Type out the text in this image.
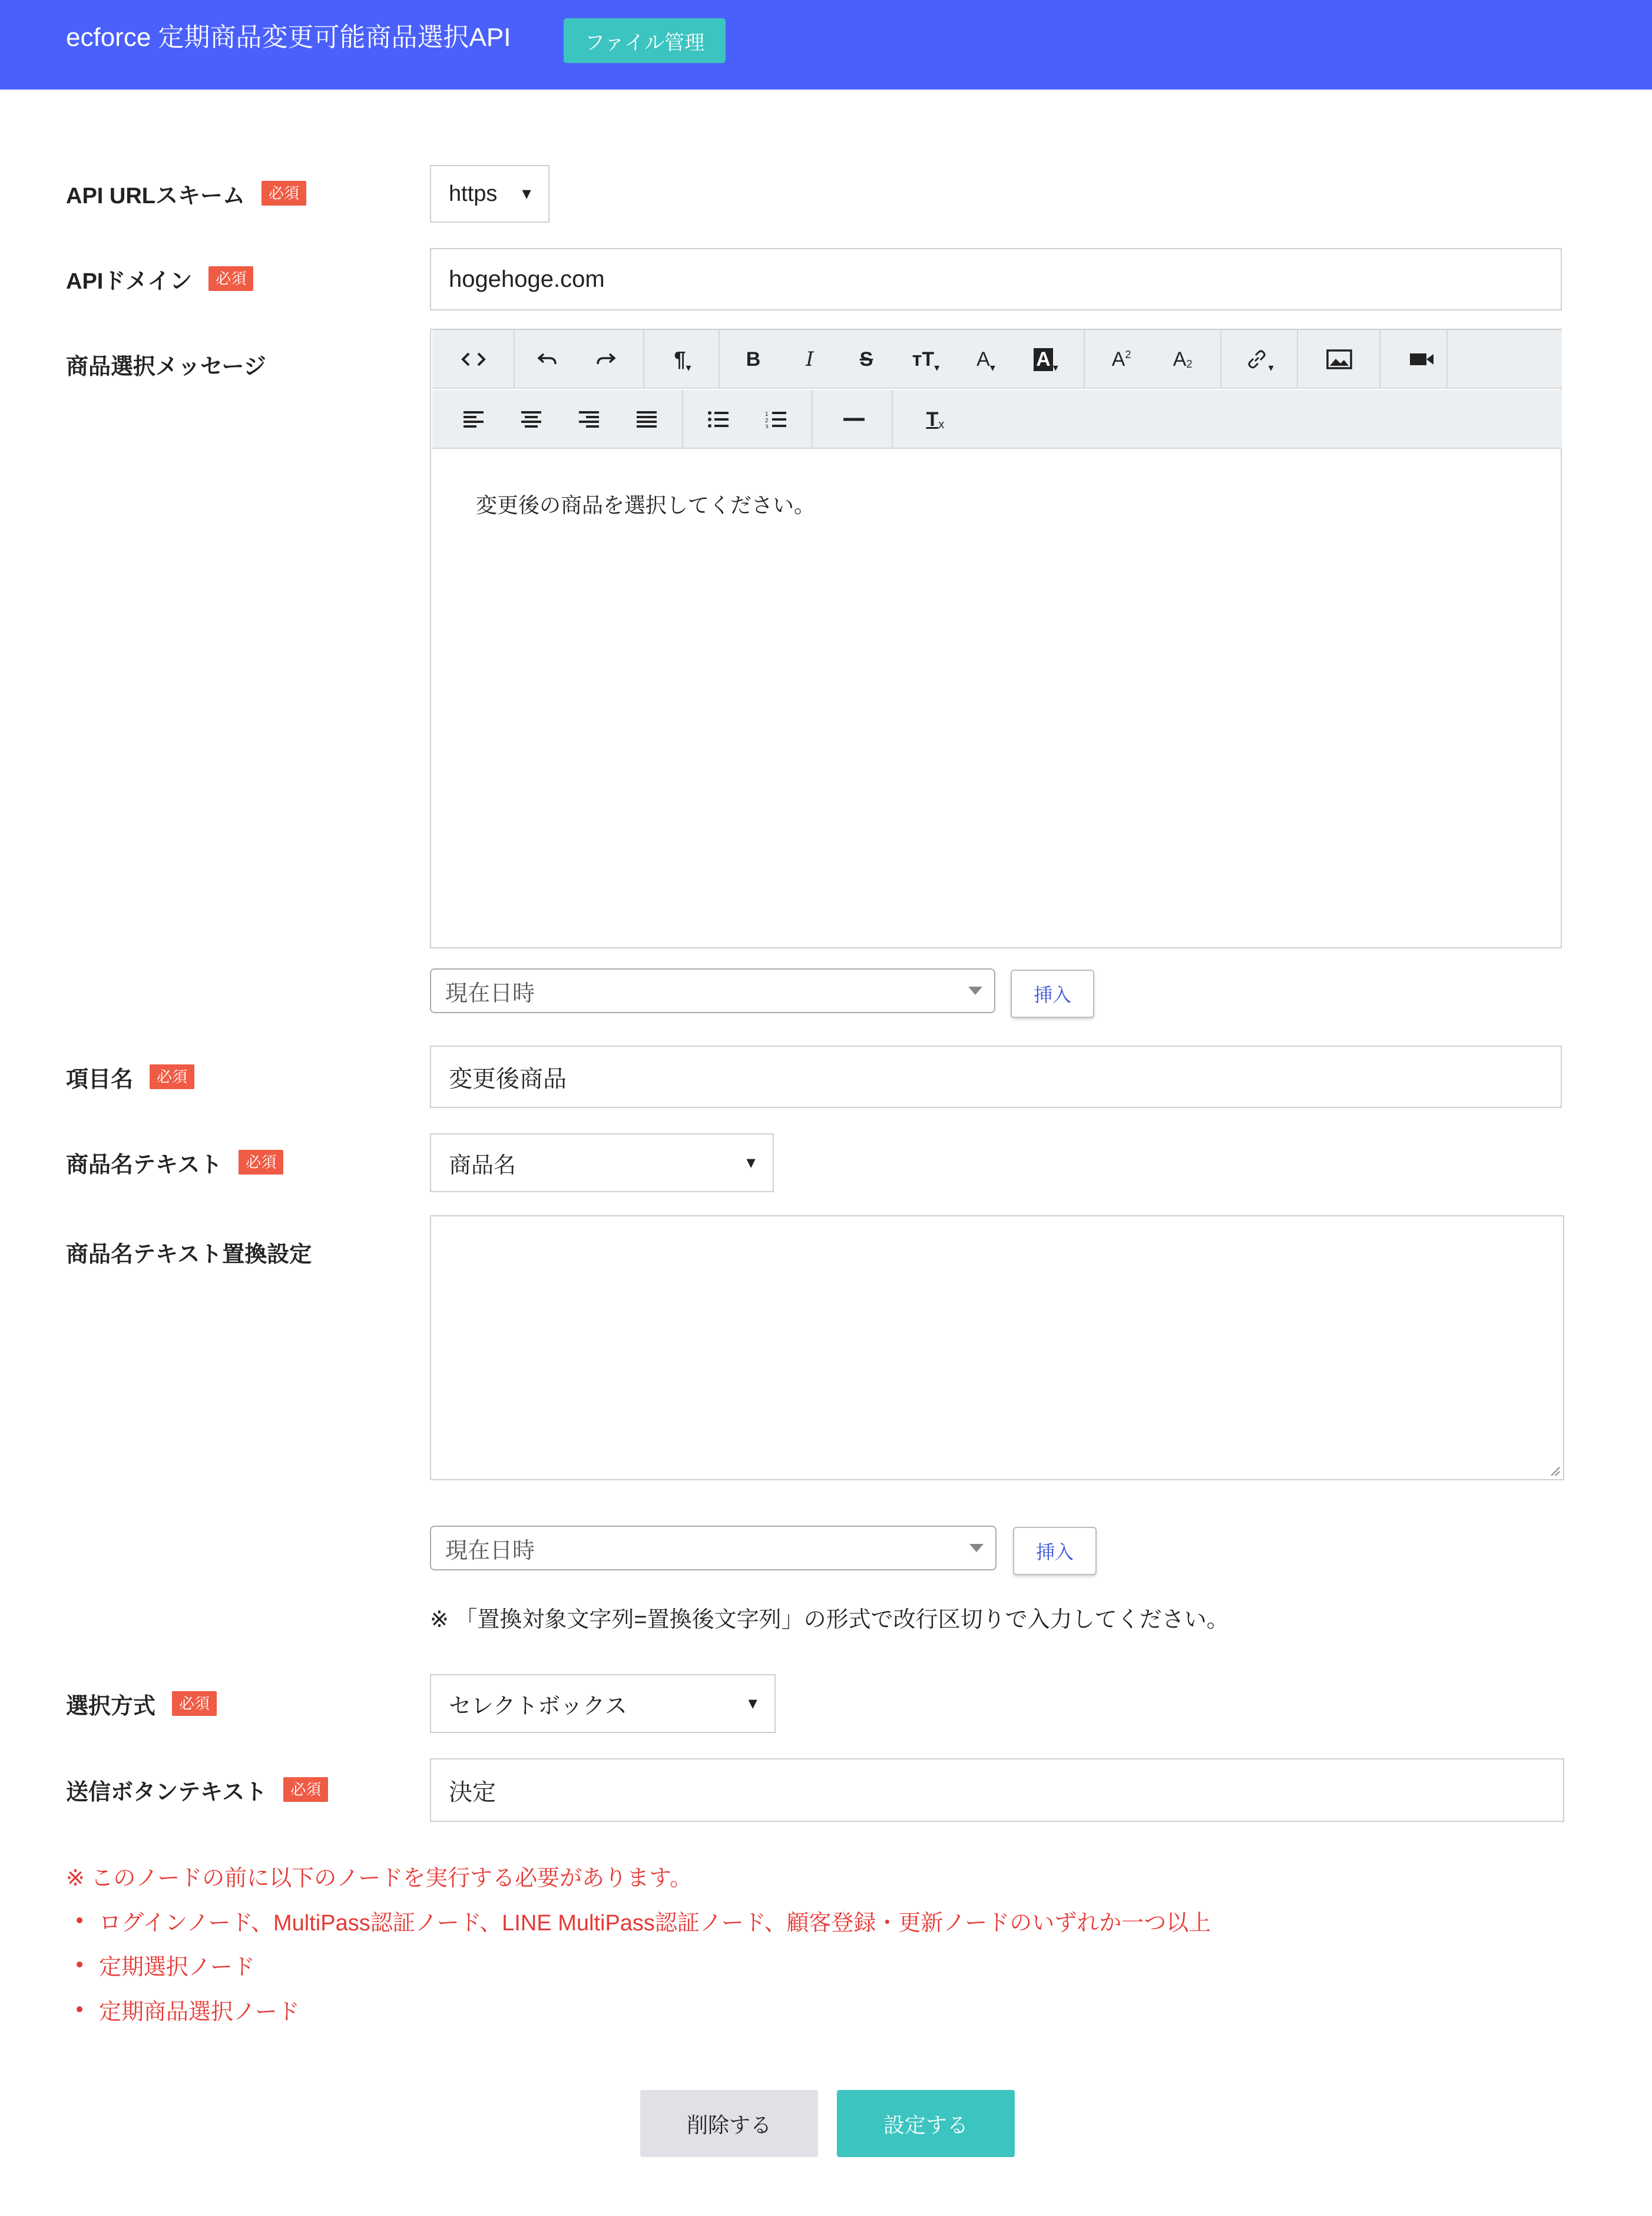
ecforce 定期商品変更可能商品選択API	ファイル管理
API URLスキーム	必須	https ▼
APIドメイン	必須	hogehoge.com
商品選択メッセージ	¶ ▾	B I S тT ▾ A ▾ A ▾	A 2 A 2	▾
1
2
3	T x
変更後の商品を選択してください。
現在日時	挿入
項目名	必須	変更後商品
商品名テキスト	必須	商品名	▼
商品名テキスト置換設定
現在日時	挿入
※ 「置換対象文字列=置換後文字列」の形式で改行区切りで入力してください。
選択方式	必須	セレクトボックス	▼
送信ボタンテキスト	必須	決定
※ このノードの前に以下のノードを実行する必要があります。
ログインノード、MultiPass認証ノード、LINE MultiPass認証ノード、顧客登録・更新ノードのいずれか一つ以上
定期選択ノード
定期商品選択ノード
削除する	設定する
